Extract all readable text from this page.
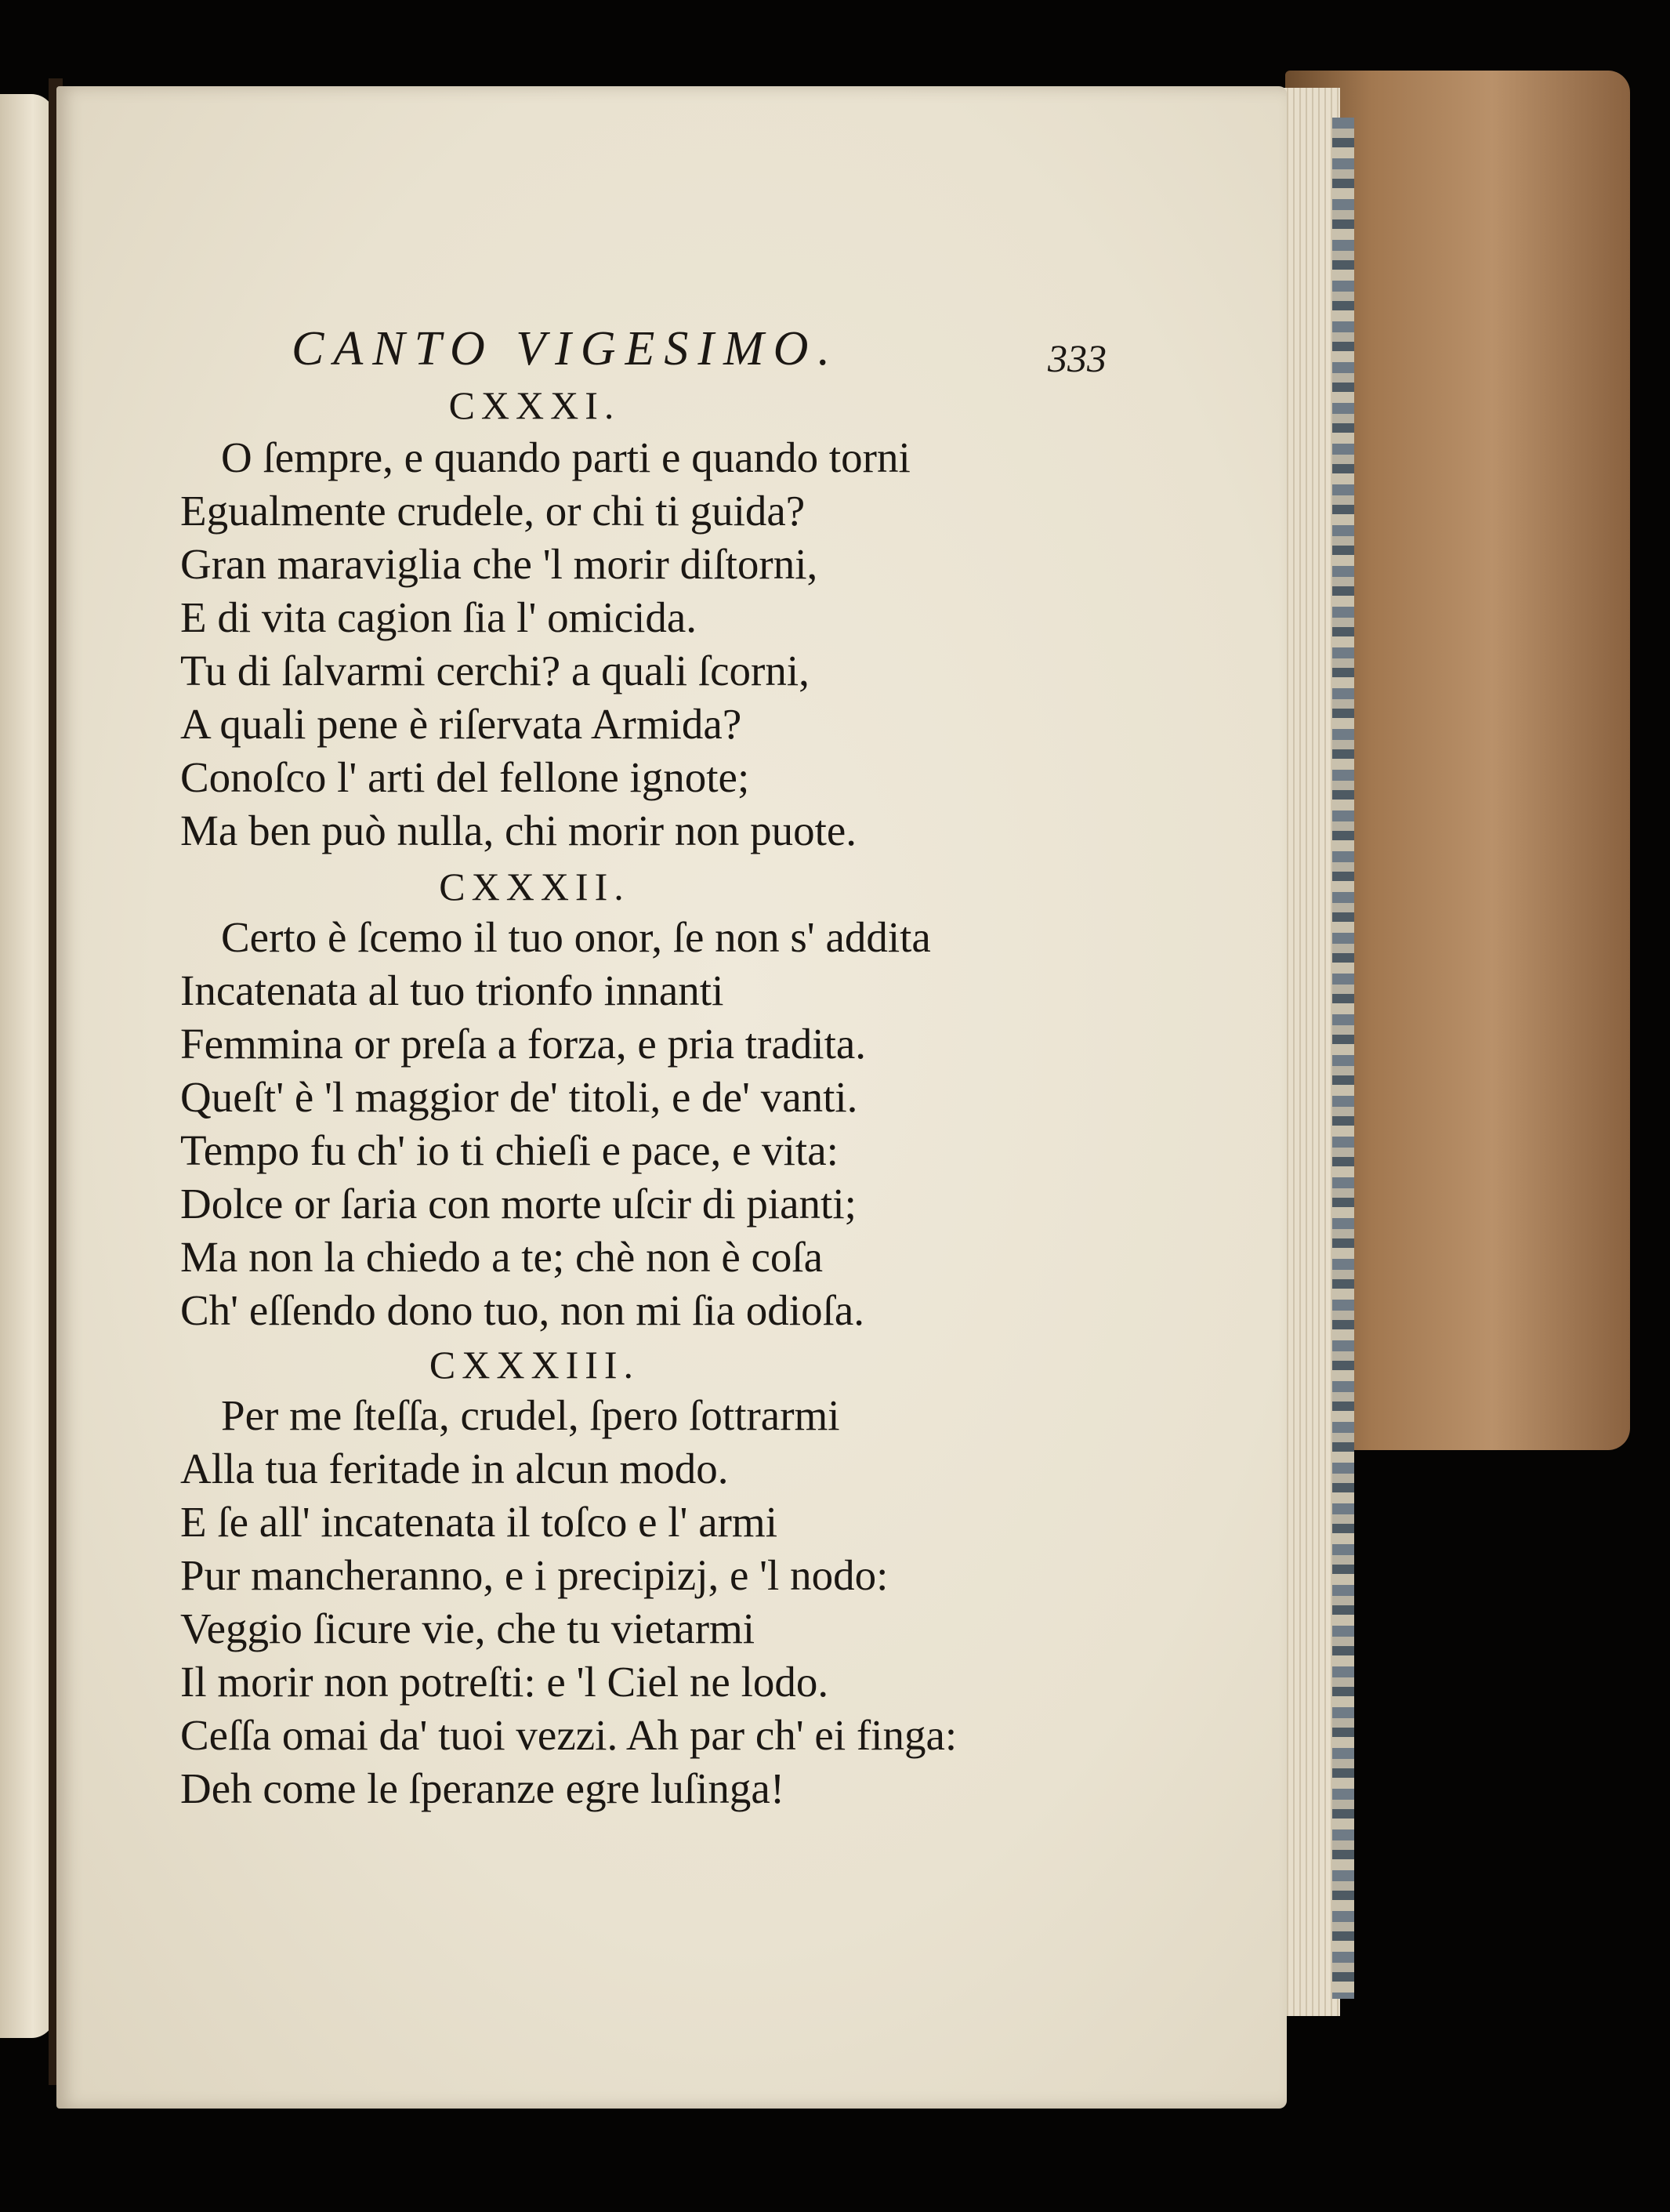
CANTO VIGESIMO.	333
CXXXI.
O ſempre, e quando parti e quando torni
Egualmente crudele, or chi ti guida?
Gran maraviglia che 'l morir diſtorni,
E di vita cagion ſia l' omicida.
Tu di ſalvarmi cerchi? a quali ſcorni,
A quali pene è riſervata Armida?
Conoſco l' arti del fellone ignote;
Ma ben può nulla, chi morir non puote.
CXXXII.
Certo è ſcemo il tuo onor, ſe non s' addita
Incatenata al tuo trionfo innanti
Femmina or preſa a forza, e pria tradita.
Queſt' è 'l maggior de' titoli, e de' vanti.
Tempo fu ch' io ti chieſi e pace, e vita:
Dolce or ſaria con morte uſcir di pianti;
Ma non la chiedo a te; chè non è coſa
Ch' eſſendo dono tuo, non mi ſia odioſa.
CXXXIII.
Per me ſteſſa, crudel, ſpero ſottrarmi
Alla tua feritade in alcun modo.
E ſe all' incatenata il toſco e l' armi
Pur mancheranno, e i precipizj, e 'l nodo:
Veggio ſicure vie, che tu vietarmi
Il morir non potreſti: e 'l Ciel ne lodo.
Ceſſa omai da' tuoi vezzi. Ah par ch' ei finga:
Deh come le ſperanze egre luſinga!
